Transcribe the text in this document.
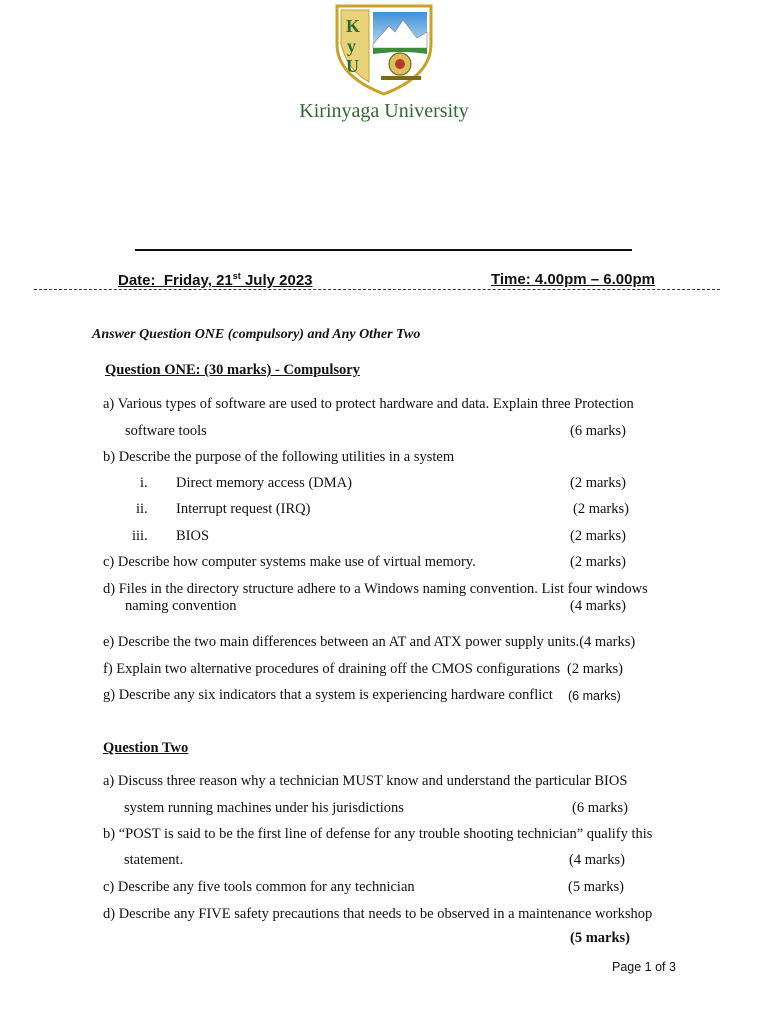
K
y
U
Kirinyaga University
Date:  Friday, 21st July 2023	Time: 4.00pm – 6.00pm
Answer Question ONE (compulsory) and Any Other Two
Question ONE: (30 marks) - Compulsory
a) Various types of software are used to protect hardware and data. Explain three Protection
software tools	(6 marks)
b) Describe the purpose of the following utilities in a system
i. Direct memory access (DMA)	(2 marks)
ii. Interrupt request (IRQ)	(2 marks)
iii. BIOS	(2 marks)
c) Describe how computer systems make use of virtual memory.	(2 marks)
d) Files in the directory structure adhere to a Windows naming convention. List four windows
naming convention	(4 marks)
e) Describe the two main differences between an AT and ATX power supply units.(4 marks)
f) Explain two alternative procedures of draining off the CMOS configurations (2 marks)
g) Describe any six indicators that a system is experiencing hardware conflict (6 marks)
Question Two
a) Discuss three reason why a technician MUST know and understand the particular BIOS
system running machines under his jurisdictions	(6 marks)
b) “POST is said to be the first line of defense for any trouble shooting technician” qualify this
statement.	(4 marks)
c) Describe any five tools common for any technician	(5 marks)
d) Describe any FIVE safety precautions that needs to be observed in a maintenance workshop
(5 marks)
Page 1 of 3
